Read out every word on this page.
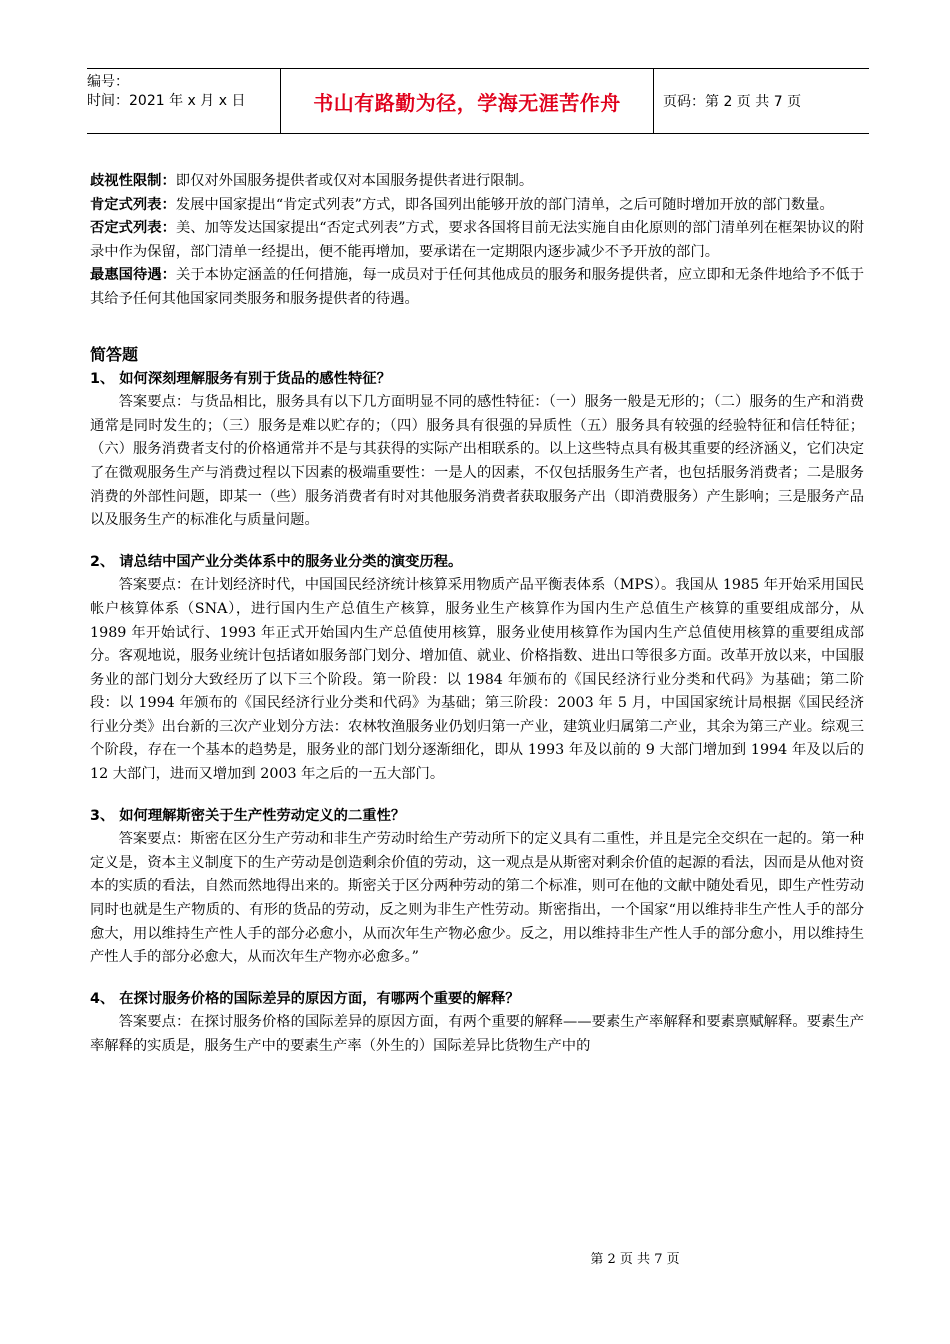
编号：
时间：2021 年 x 月 x 日	书山有路勤为径，学海无涯苦作舟	页码：第 2 页 共 7 页

歧视性限制：即仅对外国服务提供者或仅对本国服务提供者进行限制。

肯定式列表：发展中国家提出“肯定式列表”方式，即各国列出能够开放的部门清单，之后可随时增加开放的部门数量。

否定式列表：美、加等发达国家提出“否定式列表”方式，要求各国将目前无法实施自由化原则的部门清单列在框架协议的附录中作为保留，部门清单一经提出，便不能再增加，要承诺在一定期限内逐步减少不予开放的部门。

最惠国待遇：关于本协定涵盖的任何措施，每一成员对于任何其他成员的服务和服务提供者，应立即和无条件地给予不低于其给予任何其他国家同类服务和服务提供者的待遇。

简答题

1、 如何深刻理解服务有别于货品的感性特征？

答案要点：与货品相比，服务具有以下几方面明显不同的感性特征：（一）服务一般是无形的；（二）服务的生产和消费通常是同时发生的；（三）服务是难以贮存的；（四）服务具有很强的异质性（五）服务具有较强的经验特征和信任特征；（六）服务消费者支付的价格通常并不是与其获得的实际产出相联系的。以上这些特点具有极其重要的经济涵义，它们决定了在微观服务生产与消费过程以下因素的极端重要性：一是人的因素，不仅包括服务生产者，也包括服务消费者；二是服务消费的外部性问题，即某一（些）服务消费者有时对其他服务消费者获取服务产出（即消费服务）产生影响；三是服务产品以及服务生产的标准化与质量问题。

2、 请总结中国产业分类体系中的服务业分类的演变历程。

答案要点：在计划经济时代，中国国民经济统计核算采用物质产品平衡表体系（MPS）。我国从 1985 年开始采用国民帐户核算体系（SNA），进行国内生产总值生产核算，服务业生产核算作为国内生产总值生产核算的重要组成部分，从 1989 年开始试行、1993 年正式开始国内生产总值使用核算，服务业使用核算作为国内生产总值使用核算的重要组成部分。客观地说，服务业统计包括诸如服务部门划分、增加值、就业、价格指数、进出口等很多方面。改革开放以来，中国服务业的部门划分大致经历了以下三个阶段。第一阶段：以 1984 年颁布的《国民经济行业分类和代码》为基础；第二阶段：以 1994 年颁布的《国民经济行业分类和代码》为基础；第三阶段：2003 年 5 月，中国国家统计局根据《国民经济行业分类》出台新的三次产业划分方法：农林牧渔服务业仍划归第一产业，建筑业归属第二产业，其余为第三产业。综观三个阶段，存在一个基本的趋势是，服务业的部门划分逐渐细化，即从 1993 年及以前的 9 大部门增加到 1994 年及以后的 12 大部门，进而又增加到 2003 年之后的一五大部门。

3、 如何理解斯密关于生产性劳动定义的二重性？

答案要点：斯密在区分生产劳动和非生产劳动时给生产劳动所下的定义具有二重性，并且是完全交织在一起的。第一种定义是，资本主义制度下的生产劳动是创造剩余价值的劳动，这一观点是从斯密对剩余价值的起源的看法，因而是从他对资本的实质的看法，自然而然地得出来的。斯密关于区分两种劳动的第二个标准，则可在他的文献中随处看见，即生产性劳动同时也就是生产物质的、有形的货品的劳动，反之则为非生产性劳动。斯密指出，一个国家“用以维持非生产性人手的部分愈大，用以维持生产性人手的部分必愈小，从而次年生产物必愈少。反之，用以维持非生产性人手的部分愈小，用以维持生产性人手的部分必愈大，从而次年生产物亦必愈多。”

4、 在探讨服务价格的国际差异的原因方面，有哪两个重要的解释？

答案要点：在探讨服务价格的国际差异的原因方面，有两个重要的解释——要素生产率解释和要素禀赋解释。要素生产率解释的实质是，服务生产中的要素生产率（外生的）国际差异比货物生产中的

第 2 页 共 7 页
